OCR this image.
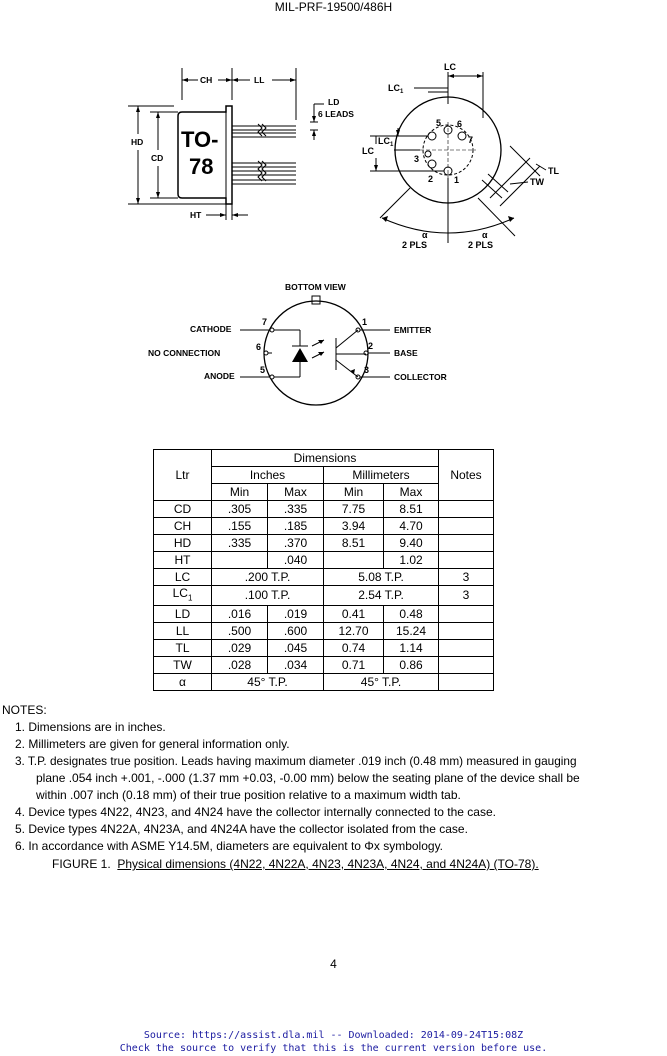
MIL-PRF-19500/486H
CH	LL
TO-
78
LD
6 LEADS
HD
CD
HT
5 6
7
3
2 1
LC
$LC_1$
$LC_1$
LC
TL
TW
α
2 PLS
α
2 PLS
BOTTOM VIEW
CATHODE
NO CONNECTION
ANODE
7
6
5
1
2
3
EMITTER
BASE
COLLECTOR
Ltr	Dimensions				Notes
	Inches		Millimeters		
	Min	Max	Min	Max	
CD	.305	.335	7.75	8.51	
CH	.155	.185	3.94	4.70	
HD	.335	.370	8.51	9.40	
HT		.040		1.02	
LC	.200 T.P.		5.08 T.P.		3
$LC_1$	.100 T.P.		2.54 T.P.		3
LD	.016	.019	0.41	0.48	
LL	.500	.600	12.70	15.24	
TL	.029	.045	0.74	1.14	
TW	.028	.034	0.71	0.86	
α	45° T.P.		45° T.P.		
NOTES:
1. Dimensions are in inches.
2. Millimeters are given for general information only.
3. T.P. designates true position. Leads having maximum diameter .019 inch (0.48 mm) measured in gauging
plane .054 inch +.001, -.000 (1.37 mm +0.03, -0.00 mm) below the seating plane of the device shall be
within .007 inch (0.18 mm) of their true position relative to a maximum width tab.
4. Device types 4N22, 4N23, and 4N24 have the collector internally connected to the case.
5. Device types 4N22A, 4N23A, and 4N24A have the collector isolated from the case.
6. In accordance with ASME Y14.5M, diameters are equivalent to Φx symbology.
FIGURE 1.  Physical dimensions (4N22, 4N22A, 4N23, 4N23A, 4N24, and 4N24A) (TO-78).
4
Source: https://assist.dla.mil -- Downloaded: 2014-09-24T15:08Z
Check the source to verify that this is the current version before use.
